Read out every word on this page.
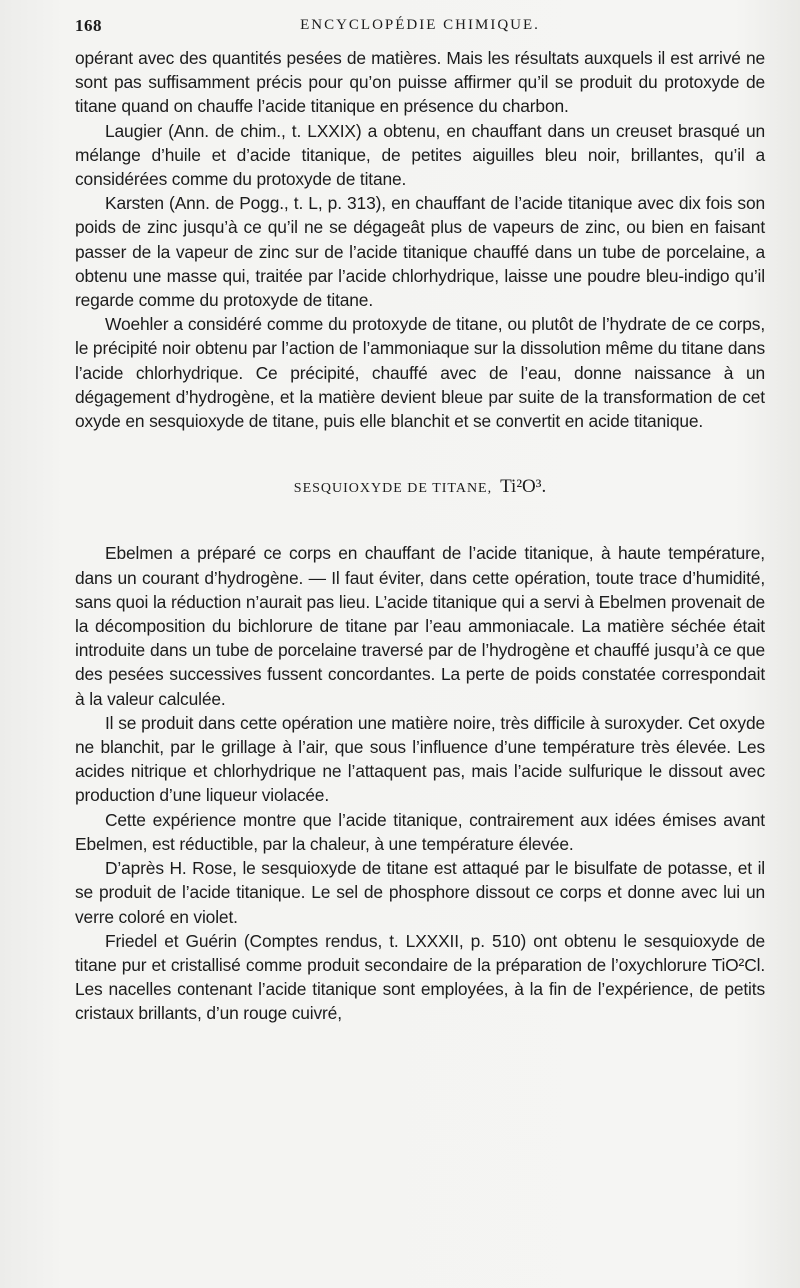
168	ENCYCLOPÉDIE CHIMIQUE.

opérant avec des quantités pesées de matières. Mais les résultats auxquels il est arrivé ne sont pas suffisamment précis pour qu’on puisse affirmer qu’il se produit du protoxyde de titane quand on chauffe l’acide titanique en présence du charbon.

Laugier (Ann. de chim., t. LXXIX) a obtenu, en chauffant dans un creuset brasqué un mélange d’huile et d’acide titanique, de petites aiguilles bleu noir, brillantes, qu’il a considérées comme du protoxyde de titane.

Karsten (Ann. de Pogg., t. L, p. 313), en chauffant de l’acide titanique avec dix fois son poids de zinc jusqu’à ce qu’il ne se dégageât plus de vapeurs de zinc, ou bien en faisant passer de la vapeur de zinc sur de l’acide titanique chauffé dans un tube de porcelaine, a obtenu une masse qui, traitée par l’acide chlorhydrique, laisse une poudre bleu-indigo qu’il regarde comme du protoxyde de titane.

Woehler a considéré comme du protoxyde de titane, ou plutôt de l’hydrate de ce corps, le précipité noir obtenu par l’action de l’ammoniaque sur la dissolution même du titane dans l’acide chlorhydrique. Ce précipité, chauffé avec de l’eau, donne naissance à un dégagement d’hydrogène, et la matière devient bleue par suite de la transformation de cet oxyde en sesquioxyde de titane, puis elle blanchit et se convertit en acide titanique.

SESQUIOXYDE DE TITANE, Ti²O³.

Ebelmen a préparé ce corps en chauffant de l’acide titanique, à haute température, dans un courant d’hydrogène. — Il faut éviter, dans cette opération, toute trace d’humidité, sans quoi la réduction n’aurait pas lieu. L’acide titanique qui a servi à Ebelmen provenait de la décomposition du bichlorure de titane par l’eau ammoniacale. La matière séchée était introduite dans un tube de porcelaine traversé par de l’hydrogène et chauffé jusqu’à ce que des pesées successives fussent concordantes. La perte de poids constatée correspondait à la valeur calculée.

Il se produit dans cette opération une matière noire, très difficile à suroxyder. Cet oxyde ne blanchit, par le grillage à l’air, que sous l’influence d’une température très élevée. Les acides nitrique et chlorhydrique ne l’attaquent pas, mais l’acide sulfurique le dissout avec production d’une liqueur violacée.

Cette expérience montre que l’acide titanique, contrairement aux idées émises avant Ebelmen, est réductible, par la chaleur, à une température élevée.

D’après H. Rose, le sesquioxyde de titane est attaqué par le bisulfate de potasse, et il se produit de l’acide titanique. Le sel de phosphore dissout ce corps et donne avec lui un verre coloré en violet.

Friedel et Guérin (Comptes rendus, t. LXXXII, p. 510) ont obtenu le sesquioxyde de titane pur et cristallisé comme produit secondaire de la préparation de l’oxychlorure TiO²Cl. Les nacelles contenant l’acide titanique sont employées, à la fin de l’expérience, de petits cristaux brillants, d’un rouge cuivré,
